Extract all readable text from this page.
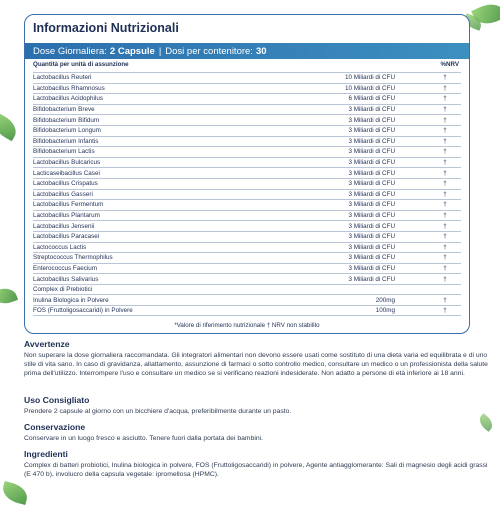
Informazioni Nutrizionali
Dose Giornaliera: 2 Capsule | Dosi per contenitore: 30
Quantità per unità di assunzione	%NRV
Lactobacillus Reuteri	10 Miliardi di CFU	†
Lactobacillus Rhamnosus	10 Miliardi di CFU	†
Lactobacillus Acidophilus	6 Miliardi di CFU	†
Bifidobacterium Breve	3 Miliardi di CFU	†
Bifidobacterium Bifidum	3 Miliardi di CFU	†
Bifidobacterium Longum	3 Miliardi di CFU	†
Bifidobacterium Infantis	3 Miliardi di CFU	†
Bifidobacterium Lactis	3 Miliardi di CFU	†
Lactobacillus Bulcaricus	3 Miliardi di CFU	†
Lacticaseibacillus Casei	3 Miliardi di CFU	†
Lactobacillus Crispatus	3 Miliardi di CFU	†
Lactobacillus Gasseri	3 Miliardi di CFU	†
Lactobacillus Fermentum	3 Miliardi di CFU	†
Lactobacillus Plantarum	3 Miliardi di CFU	†
Lactobacillus Jensenii	3 Miliardi di CFU	†
Lactobacillus Paracasei	3 Miliardi di CFU	†
Lactococcus Lactis	3 Miliardi di CFU	†
Streptococcus Thermophilus	3 Miliardi di CFU	†
Enterococcus Faecium	3 Miliardi di CFU	†
Lactobacillus Salivarius	3 Miliardi di CFU	†
Complex di Prebiotici
Inulina Biologica in Polvere	200mg	†
FOS (Fruttoligosaccaridi) in Polvere	100mg	†
*Valore di riferimento nutrizionale † NRV non stabilito
Avvertenze

Non superare la dose giornaliera raccomandata. Gli integratori alimentari non devono essere usati come sostituto di una dieta varia ed equilibrata e di uno stile di vita sano. In caso di gravidanza, allattamento, assunzione di farmaci o sotto controllo medico, consultare un medico o un professionista della salute prima dell'utilizzo. Interrompere l'uso e consultare un medico se si verificano reazioni indesiderate. Non adatto a persone di età inferiore ai 18 anni.

Uso Consigliato

Prendere 2 capsule al giorno con un bicchiere d'acqua, preferibilmente durante un pasto.

Conservazione

Conservare in un luogo fresco e asciutto. Tenere fuori dalla portata dei bambini.

Ingredienti

Complex di batteri probiotici, Inulina biologica in polvere, FOS (Fruttoligosaccaridi) in polvere, Agente antiagglomerante: Sali di magnesio degli acidi grassi (E 470 b), involucro della capsula vegetale: ipromellosa (HPMC).
